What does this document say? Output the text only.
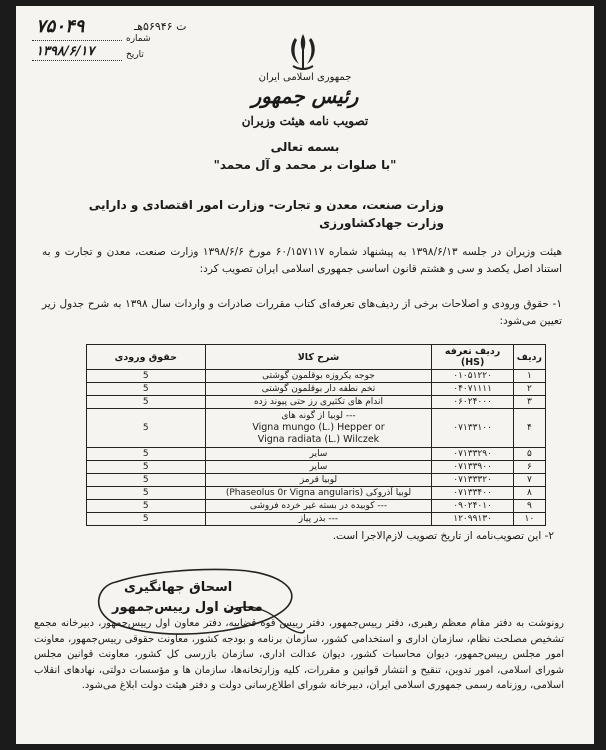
۷۵۰۴۹	ت ۵۶۹۴۶هـ
شماره
۱۳۹۸/۶/۱۷	تاریخ
جمهوری اسلامی ایران
رئیس جمهور
تصویب نامه هیئت وزیران
بسمه تعالی
"با صلوات بر محمد و آل محمد"
وزارت صنعت، معدن و تجارت- وزارت امور اقتصادی و دارایی
وزارت جهادکشاورزی
هیئت وزیران در جلسه ۱۳۹۸/۶/۱۳ به پیشنهاد شماره ۶۰/۱۵۷۱۱۷ مورخ ۱۳۹۸/۶/۶ وزارت صنعت، معدن و تجارت و به استناد اصل یکصد و سی و هشتم قانون اساسی جمهوری اسلامی ایران تصویب کرد:
۱- حقوق ورودی و اصلاحات برخی از ردیف‌های تعرفه‌ای کتاب مقررات صادرات و واردات سال ۱۳۹۸ به شرح جدول زیر تعیین می‌شود:
ردیف	ردیف تعرفه (HS)	شرح کالا	حقوق ورودی
۱	۰۱۰۵۱۲۲۰	جوجه یکروزه بوقلمون گوشتی	5
۲	۰۴۰۷۱۱۱۱	تخم نطفه دار بوقلمون گوشتی	5
۳	۰۶۰۲۴۰۰۰	اندام های تکثیری رز حتی پیوند زده	5
۴	۰۷۱۳۳۱۰۰	--- لوبیا از گونه های
Vigna mungo (L.) Hepper or
Vigna radiata (L.) Wilczek	5
۵	۰۷۱۳۳۲۹۰	سایر	5
۶	۰۷۱۳۳۹۰۰	سایر	5
۷	۰۷۱۳۳۳۲۰	لوبیا قرمز	5
۸	۰۷۱۳۳۴۰۰	لوبیا آذروکی (Phaseolus 0r Vigna angularis)	5
۹	۰۹۰۲۴۰۱۰	--- کوبیده در بسته غیر خرده فروشی	5
۱۰	۱۲۰۹۹۱۳۰	--- بذر پیاز	5
۲- این تصویب‌نامه از تاریخ تصویب لازم‌الاجرا است.
اسحاق جهانگیری
معاون اول رییس‌جمهور
رونوشت به دفتر مقام معظم رهبری، دفتر رییس‌جمهور، دفتر رییس قوه قضاییه، دفتر معاون اول رییس‌جمهور، دبیرخانه مجمع تشخیص مصلحت نظام، سازمان اداری و استخدامی کشور، سازمان برنامه و بودجه کشور، معاونت حقوقی رییس‌جمهور، معاونت امور مجلس رییس‌جمهور، دیوان محاسبات کشور، دیوان عدالت اداری، سازمان بازرسی کل کشور، معاونت قوانین مجلس شورای اسلامی، امور تدوین، تنقیح و انتشار قوانین و مقررات، کلیه وزارتخانه‌ها، سازمان ها و مؤسسات دولتی، نهادهای انقلاب اسلامی، روزنامه رسمی جمهوری اسلامی ایران، دبیرخانه شورای اطلاع‌رسانی دولت و دفتر هیئت دولت ابلاغ می‌شود.
